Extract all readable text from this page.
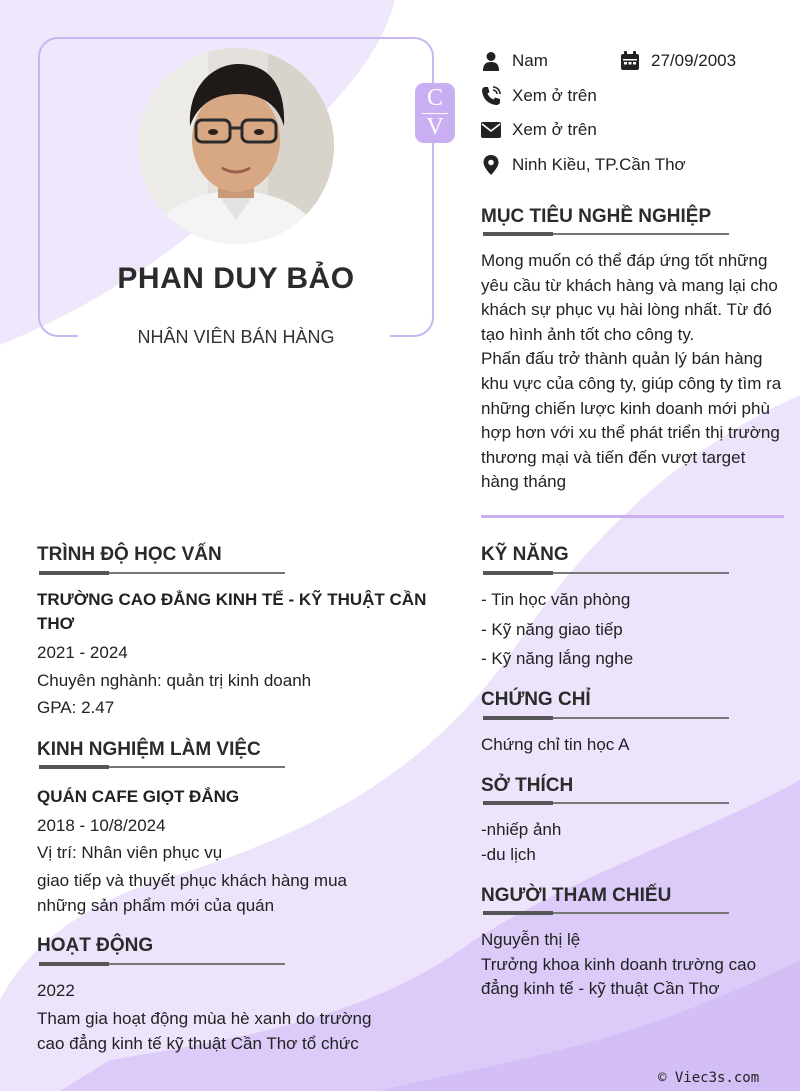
PHAN DUY BẢO
NHÂN VIÊN BÁN HÀNG
C
V
Nam	27/09/2003
Xem ở trên
Xem ở trên
Ninh Kiều, TP.Cần Thơ
MỤC TIÊU NGHỀ NGHIỆP
Mong muốn có thể đáp ứng tốt những
yêu cầu từ khách hàng và mang lại cho
khách sự phục vụ hài lòng nhất. Từ đó
tạo hình ảnh tốt cho công ty.
Phấn đấu trở thành quản lý bán hàng
khu vực của công ty, giúp công ty tìm ra
những chiến lược kinh doanh mới phù
hợp hơn với xu thể phát triển thị trường
thương mại và tiến đến vượt target
hàng tháng
TRÌNH ĐỘ HỌC VẤN
TRƯỜNG CAO ĐẲNG KINH TẾ - KỸ THUẬT CẦN
THƠ
2021 - 2024
Chuyên nghành: quản trị kinh doanh
GPA: 2.47
KINH NGHIỆM LÀM VIỆC
QUÁN CAFE GIỌT ĐẮNG
2018 - 10/8/2024
Vị trí: Nhân viên phục vụ
giao tiếp và thuyết phục khách hàng mua
những sản phẩm mới của quán
HOẠT ĐỘNG
2022
Tham gia hoạt động mùa hè xanh do trường
cao đẳng kinh tế kỹ thuật Cần Thơ tổ chức
KỸ NĂNG
- Tin học văn phòng
- Kỹ năng giao tiếp
- Kỹ năng lắng nghe
CHỨNG CHỈ
Chứng chỉ tin học A
SỞ THÍCH
-nhiếp ảnh
-du lịch
NGƯỜI THAM CHIẾU
Nguyễn thị lệ
Trưởng khoa kinh doanh trường cao
đẳng kinh tế - kỹ thuật Cần Thơ
© Viec3s.com
